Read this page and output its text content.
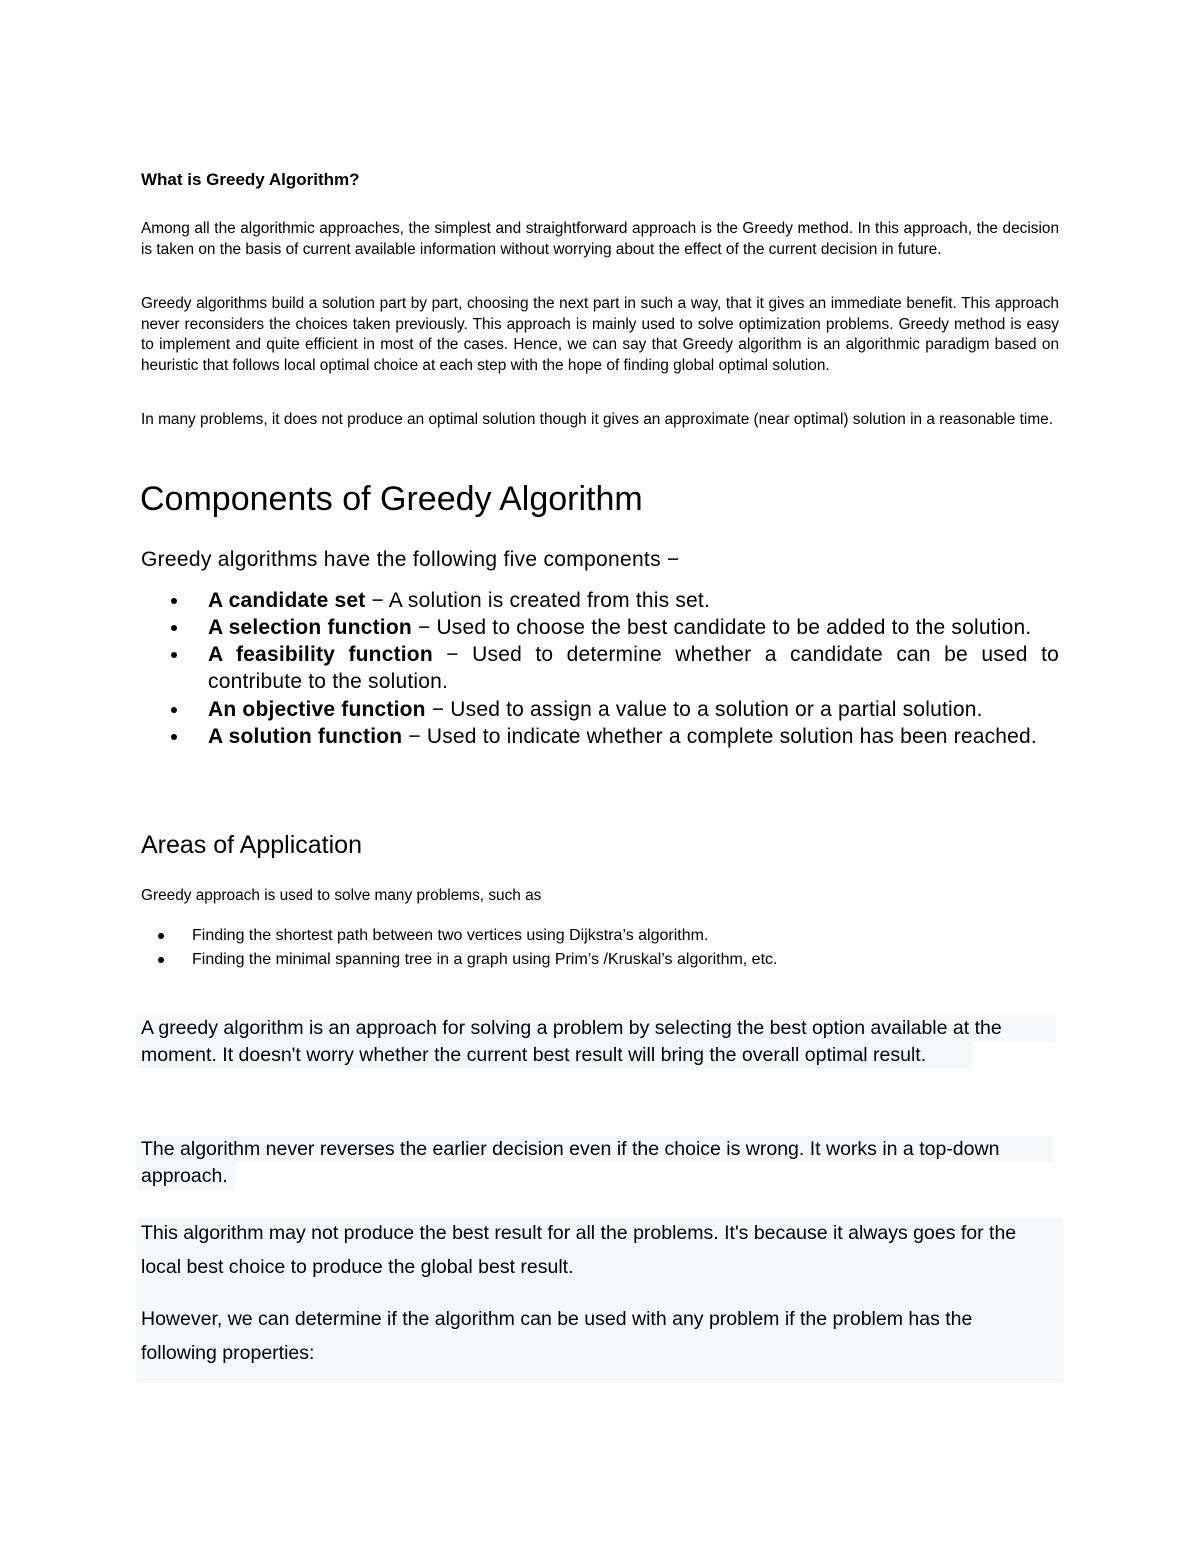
What is Greedy Algorithm?
Among all the algorithmic approaches, the simplest and straightforward approach is the Greedy method. In this approach, the decision is taken on the basis of current available information without worrying about the effect of the current decision in future.
Greedy algorithms build a solution part by part, choosing the next part in such a way, that it gives an immediate benefit. This approach never reconsiders the choices taken previously. This approach is mainly used to solve optimization problems. Greedy method is easy to implement and quite efficient in most of the cases. Hence, we can say that Greedy algorithm is an algorithmic paradigm based on heuristic that follows local optimal choice at each step with the hope of finding global optimal solution.
In many problems, it does not produce an optimal solution though it gives an approximate (near optimal) solution in a reasonable time.
Components of Greedy Algorithm
Greedy algorithms have the following five components −
A candidate set − A solution is created from this set.
A selection function − Used to choose the best candidate to be added to the solution.
A feasibility function − Used to determine whether a candidate can be used to contribute to the solution.
An objective function − Used to assign a value to a solution or a partial solution.
A solution function − Used to indicate whether a complete solution has been reached.
Areas of Application
Greedy approach is used to solve many problems, such as
Finding the shortest path between two vertices using Dijkstra’s algorithm.
Finding the minimal spanning tree in a graph using Prim’s /Kruskal’s algorithm, etc.
A greedy algorithm is an approach for solving a problem by selecting the best option available at the moment. It doesn't worry whether the current best result will bring the overall optimal result.
The algorithm never reverses the earlier decision even if the choice is wrong. It works in a top-down approach.
This algorithm may not produce the best result for all the problems. It's because it always goes for the local best choice to produce the global best result.
However, we can determine if the algorithm can be used with any problem if the problem has the following properties:
